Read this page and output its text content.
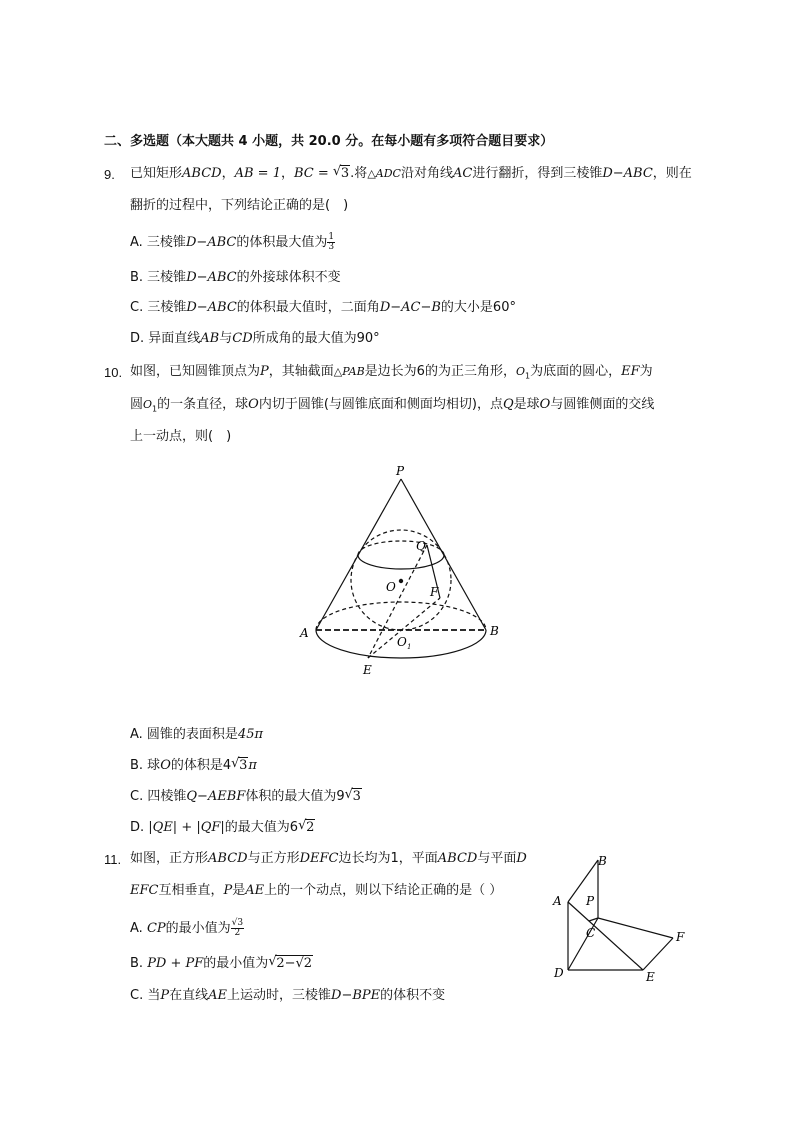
二、多选题（本大题共 4 小题，共 20.0 分。在每小题有多项符合题目要求）
9. 已知矩形ABCD，AB = 1，BC = √ 3.将△ADC沿对角线AC进行翻折，得到三棱锥D−ABC，则在
翻折的过程中，下列结论正确的是(　)
A. 三棱锥D−ABC的体积最大值为 $\frac{1}{3}$
B. 三棱锥D−ABC的外接球体积不变
C. 三棱锥D−ABC的体积最大值时，二面角D−AC−B的大小是60°
D. 异面直线AB与CD所成角的最大值为90°
10. 如图，已知圆锥顶点为P，其轴截面△PAB是边长为6的为正三角形，$O_1$为底面的圆心，EF为
圆$O_1$的一条直径，球O内切于圆锥(与圆锥底面和侧面均相切)，点Q是球O与圆锥侧面的交线
上一动点，则(　)
P
Q
O	F
A	B
O 1
E
A. 圆锥的表面积是45π
B. 球O的体积是4 √ 3π
C. 四棱锥Q−AEBF体积的最大值为9 √ 3
D. |QE| + |QF|的最大值为6 √ 2
11. 如图，正方形ABCD与正方形DEFC边长均为1，平面ABCD与平面D
EFC互相垂直，P是AE上的一个动点，则以下结论正确的是（ ）
B
A P
C	F
D	E
A. CP的最小值为 $\frac{√3}{2}$
B. PD + PF的最小值为 √ 2−√2
C. 当P在直线AE上运动时，三棱锥D−BPE的体积不变
